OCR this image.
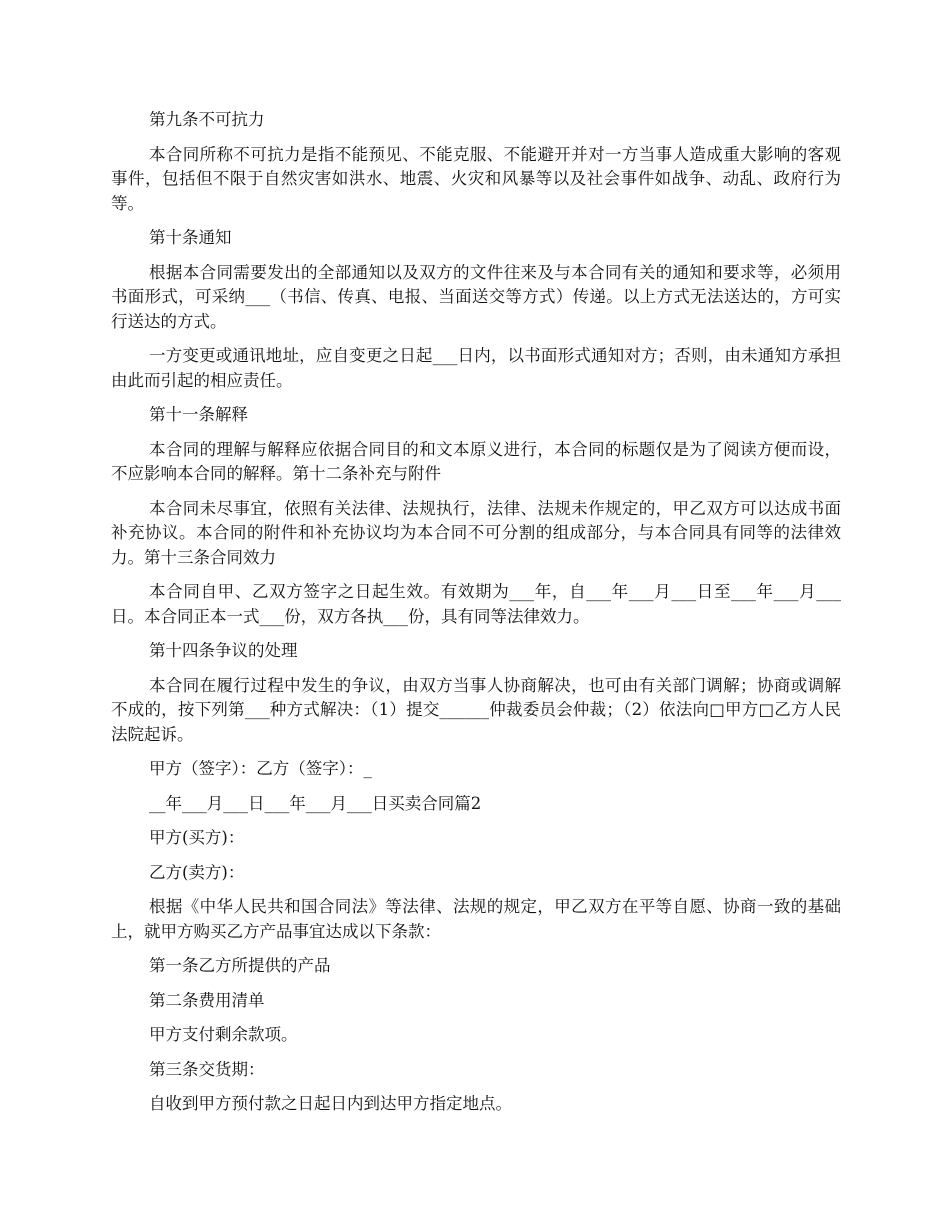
第九条不可抗力

本合同所称不可抗力是指不能预见、不能克服、不能避开并对一方当事人造成重大影响的客观事件，包括但不限于自然灾害如洪水、地震、火灾和风暴等以及社会事件如战争、动乱、政府行为等。

第十条通知

根据本合同需要发出的全部通知以及双方的文件往来及与本合同有关的通知和要求等，必须用书面形式，可采纳___（书信、传真、电报、当面送交等方式）传递。以上方式无法送达的，方可实行送达的方式。

一方变更或通讯地址，应自变更之日起___日内，以书面形式通知对方；否则，由未通知方承担由此而引起的相应责任。

第十一条解释

本合同的理解与解释应依据合同目的和文本原义进行，本合同的标题仅是为了阅读方便而设，不应影响本合同的解释。第十二条补充与附件

本合同未尽事宜，依照有关法律、法规执行，法律、法规未作规定的，甲乙双方可以达成书面补充协议。本合同的附件和补充协议均为本合同不可分割的组成部分，与本合同具有同等的法律效力。第十三条合同效力

本合同自甲、乙双方签字之日起生效。有效期为___年，自___年___月___日至___年___月___日。本合同正本一式___份，双方各执___份，具有同等法律效力。

第十四条争议的处理

本合同在履行过程中发生的争议，由双方当事人协商解决，也可由有关部门调解；协商或调解不成的，按下列第___种方式解决：（1）提交______仲裁委员会仲裁；（2）依法向□甲方□乙方人民法院起诉。

甲方（签字）：乙方（签字）：_

__年___月___日___年___月___日买卖合同篇2

甲方(买方)：

乙方(卖方)：

根据《中华人民共和国合同法》等法律、法规的规定，甲乙双方在平等自愿、协商一致的基础上，就甲方购买乙方产品事宜达成以下条款：

第一条乙方所提供的产品

第二条费用清单

甲方支付剩余款项。

第三条交货期：

自收到甲方预付款之日起日内到达甲方指定地点。
